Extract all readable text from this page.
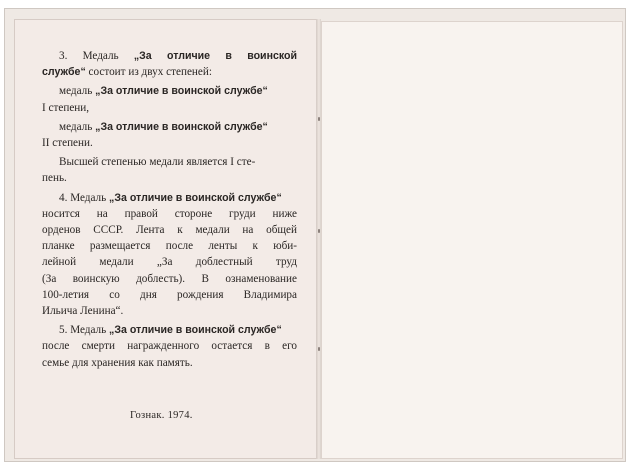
3. Медаль „За отличие в воинской

службе“ состоит из двух степеней:

медаль „За отличие в воинской службе“

I степени,

медаль „За отличие в воинской службе“

II степени.

Высшей степенью медали является I сте-

пень.

4. Медаль „За отличие в воинской службе“

носится на правой стороне груди ниже

орденов СССР. Лента к медали на общей

планке размещается после ленты к юби-

лейной медали „За доблестный труд

(За воинскую доблесть). В ознаменование

100-летия со дня рождения Владимира

Ильича Ленина“.

5. Медаль „За отличие в воинской службе“

после смерти награжденного остается в его

семье для хранения как память.

Гознак. 1974.
